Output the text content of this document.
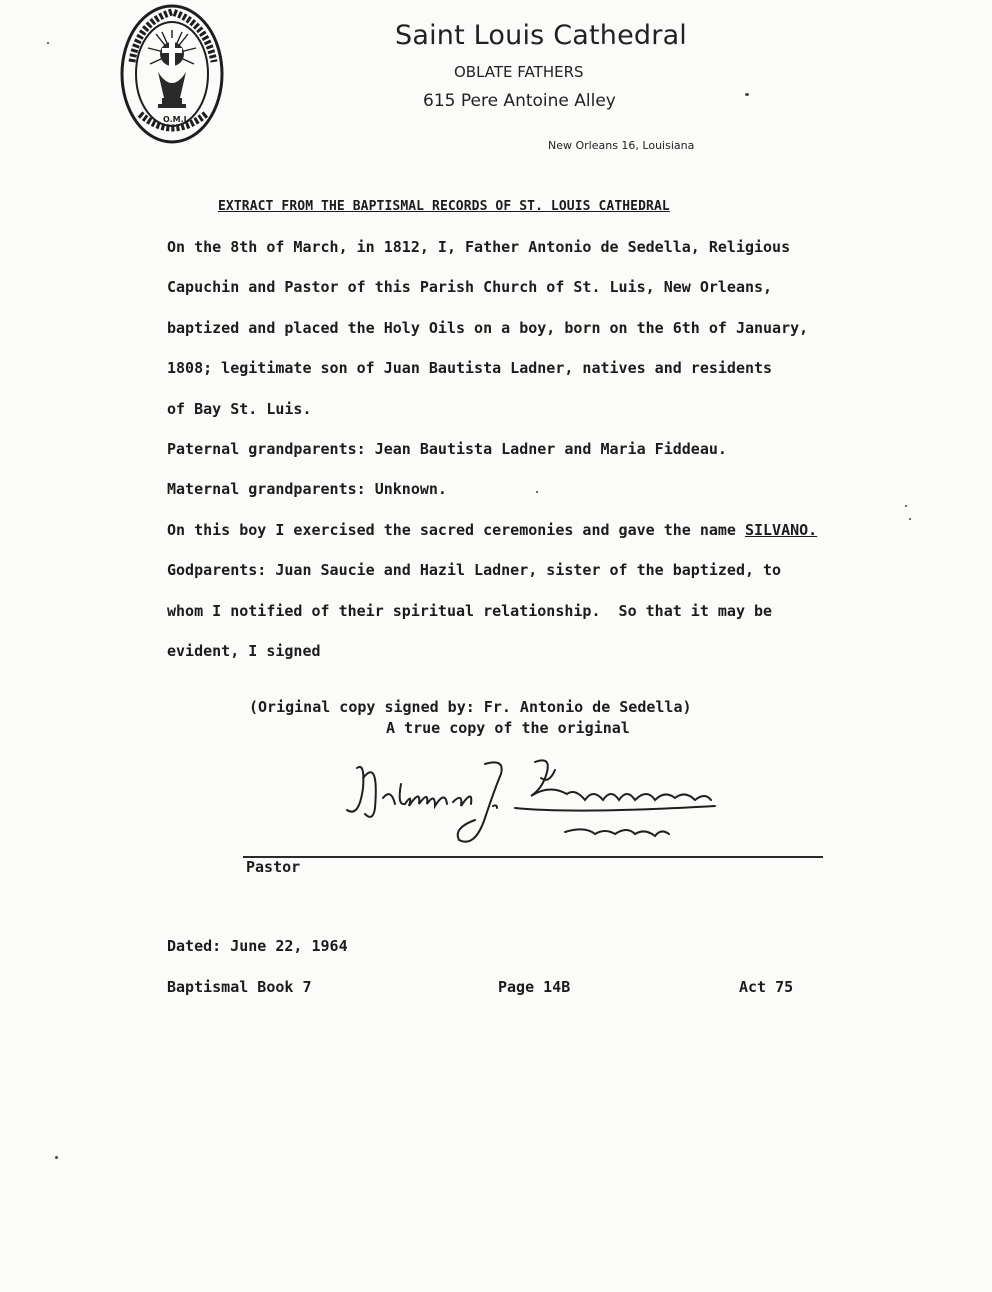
O.M.I.
Saint Louis Cathedral
OBLATE FATHERS
615 Pere Antoine Alley
New Orleans 16, Louisiana
EXTRACT FROM THE BAPTISMAL RECORDS OF ST. LOUIS CATHEDRAL
On the 8th of March, in 1812, I, Father Antonio de Sedella, Religious
Capuchin and Pastor of this Parish Church of St. Luis, New Orleans,
baptized and placed the Holy Oils on a boy, born on the 6th of January,
1808; legitimate son of Juan Bautista Ladner, natives and residents
of Bay St. Luis.
Paternal grandparents: Jean Bautista Ladner and Maria Fiddeau.
Maternal grandparents: Unknown.
On this boy I exercised the sacred ceremonies and gave the name SILVANO.
Godparents: Juan Saucie and Hazil Ladner, sister of the baptized, to
whom I notified of their spiritual relationship.  So that it may be
evident, I signed
(Original copy signed by: Fr. Antonio de Sedella)
A true copy of the original
Pastor
Dated: June 22, 1964
Baptismal Book 7	Page 14B	Act 75
